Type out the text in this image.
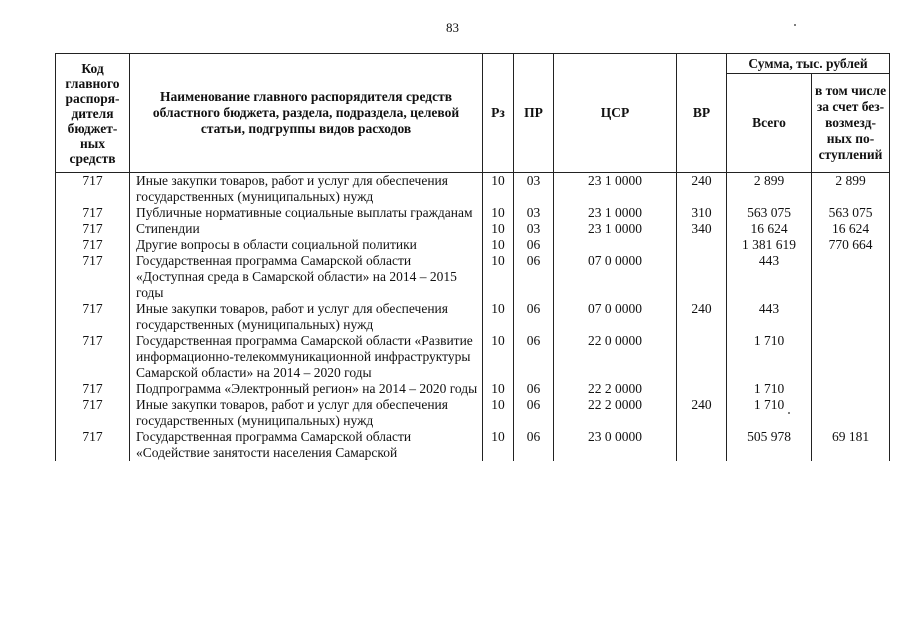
83
Код главного распоря-дителя бюджет-ных средств	Наименование главного распорядителя средств областного бюджета, раздела, подраздела, целевой статьи, подгруппы видов расходов	Рз	ПР	ЦСР	ВР	Сумма, тыс. рублей	
						Всего	в том числе за счет без-возмезд-ных по-ступлений
717	Иные закупки товаров, работ и услуг для обеспечения государственных (муниципальных) нужд	10	03	23 1 0000	240	2 899	2 899
717	Публичные нормативные социальные выплаты гражданам	10	03	23 1 0000	310	563 075	563 075
717	Стипендии	10	03	23 1 0000	340	16 624	16 624
717	Другие вопросы в области социальной политики	10	06			1 381 619	770 664
717	Государственная программа Самарской области «Доступная среда в Самарской области» на 2014 – 2015 годы	10	06	07 0 0000		443	
717	Иные закупки товаров, работ и услуг для обеспечения государственных (муниципальных) нужд	10	06	07 0 0000	240	443	
717	Государственная программа Самарской области «Развитие информационно-телекоммуникационной инфраструктуры Самарской области» на 2014 – 2020 годы	10	06	22 0 0000		1 710	
717	Подпрограмма «Электронный регион» на 2014 – 2020 годы	10	06	22 2 0000		1 710	
717	Иные закупки товаров, работ и услуг для обеспечения государственных (муниципальных) нужд	10	06	22 2 0000	240	1 710	
717	Государственная программа Самарской области «Содействие занятости населения Самарской	10	06	23 0 0000		505 978	69 181
